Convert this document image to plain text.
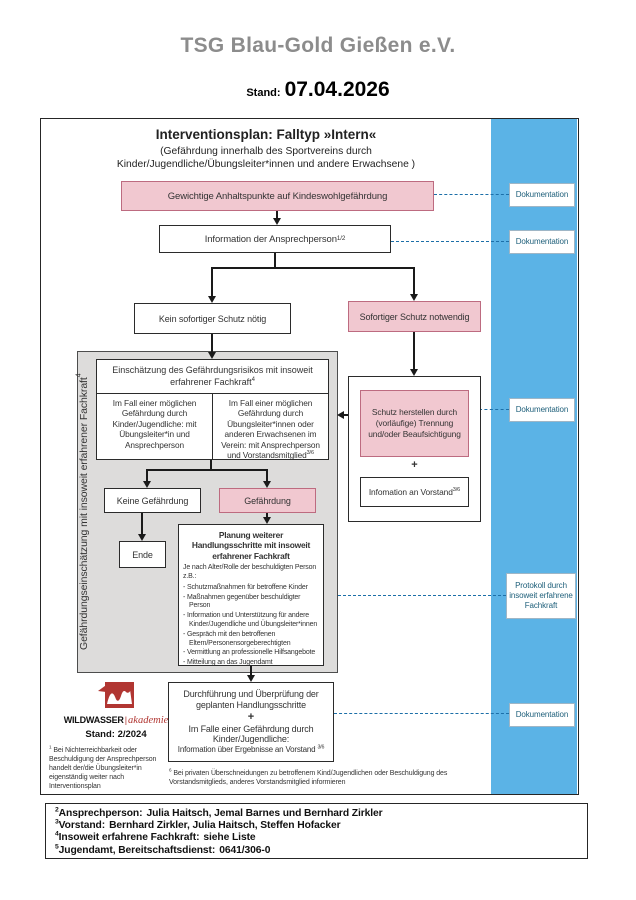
TSG Blau-Gold Gießen e.V.
Stand: 07.04.2026
Interventionsplan: Falltyp »Intern«
(Gefährdung innerhalb des Sportvereins durch
Kinder/Jugendliche/Übungsleiter*innen und andere Erwachsene )
Gefährdungseinschätzung mit insoweit erfahrener Fachkraft$^4$
Gewichtige Anhaltspunkte auf Kindeswohlgefährdung
Information der Ansprechperson 1/2
Kein sofortiger Schutz nötig	Sofortiger Schutz notwendig
Einschätzung des Gefährdungsrisikos mit insoweit erfahrener Fachkraft$^4$
Im Fall einer möglichen Gefährdung durch Kinder/Jugendliche: mit Übungsleiter*in und Ansprechperson
Im Fall einer möglichen Gefährdung durch Übungsleiter*innen oder anderen Erwachsenen im Verein: mit Ansprechperson und Vorstandsmitglied$^{3/6}$
Keine Gefährdung	Gefährdung
Ende
Planung weiterer Handlungsschritte mit insoweit erfahrener Fachkraft
Je nach Alter/Rolle der beschuldigten Person z.B.:
- Schutzmaßnahmen für betroffene Kinder
- Maßnahmen gegenüber beschuldigter Person
- Information und Unterstützung für andere Kinder/Jugendliche und Übungsleiter*innen
- Gespräch mit den betroffenen Eltern/Personensorgeberechtigten
- Vermittlung an professionelle Hilfsangebote
- Mitteilung an das Jugendamt
Durchführung und Überprüfung der geplanten Handlungsschritte
+
Im Falle einer Gefährdung durch Kinder/Jugendliche:
Information über Ergebnisse an Vorstand $^{3/6}$
Schutz herstellen durch (vorläufige) Trennung und/oder Beaufsichtigung
+
Infomation an Vorstand$^{3/6}$
Dokumentation
Dokumentation
Dokumentation
Protokoll durch insoweit erfahrene Fachkraft
Dokumentation
WILDWASSER|akademie
Stand: 2/2024
$^1$ Bei Nichterreichbarkeit oder Beschuldigung der Ansprechperson handelt der/die Übungsleiter*in eigenständig weiter nach Interventionsplan
$^6$ Bei privaten Überschneidungen zu betroffenem Kind/Jugendlichen oder Beschuldigung des Vorstandsmitglieds, anderes Vorstandsmitglied informieren
$^2$Ansprechperson: Julia Haitsch, Jemal Barnes und Bernhard Zirkler
$^3$Vorstand: Bernhard Zirkler, Julia Haitsch, Steffen Hofacker
$^4$Insoweit erfahrene Fachkraft: siehe Liste
$^5$Jugendamt, Bereitschaftsdienst: 0641/306-0
